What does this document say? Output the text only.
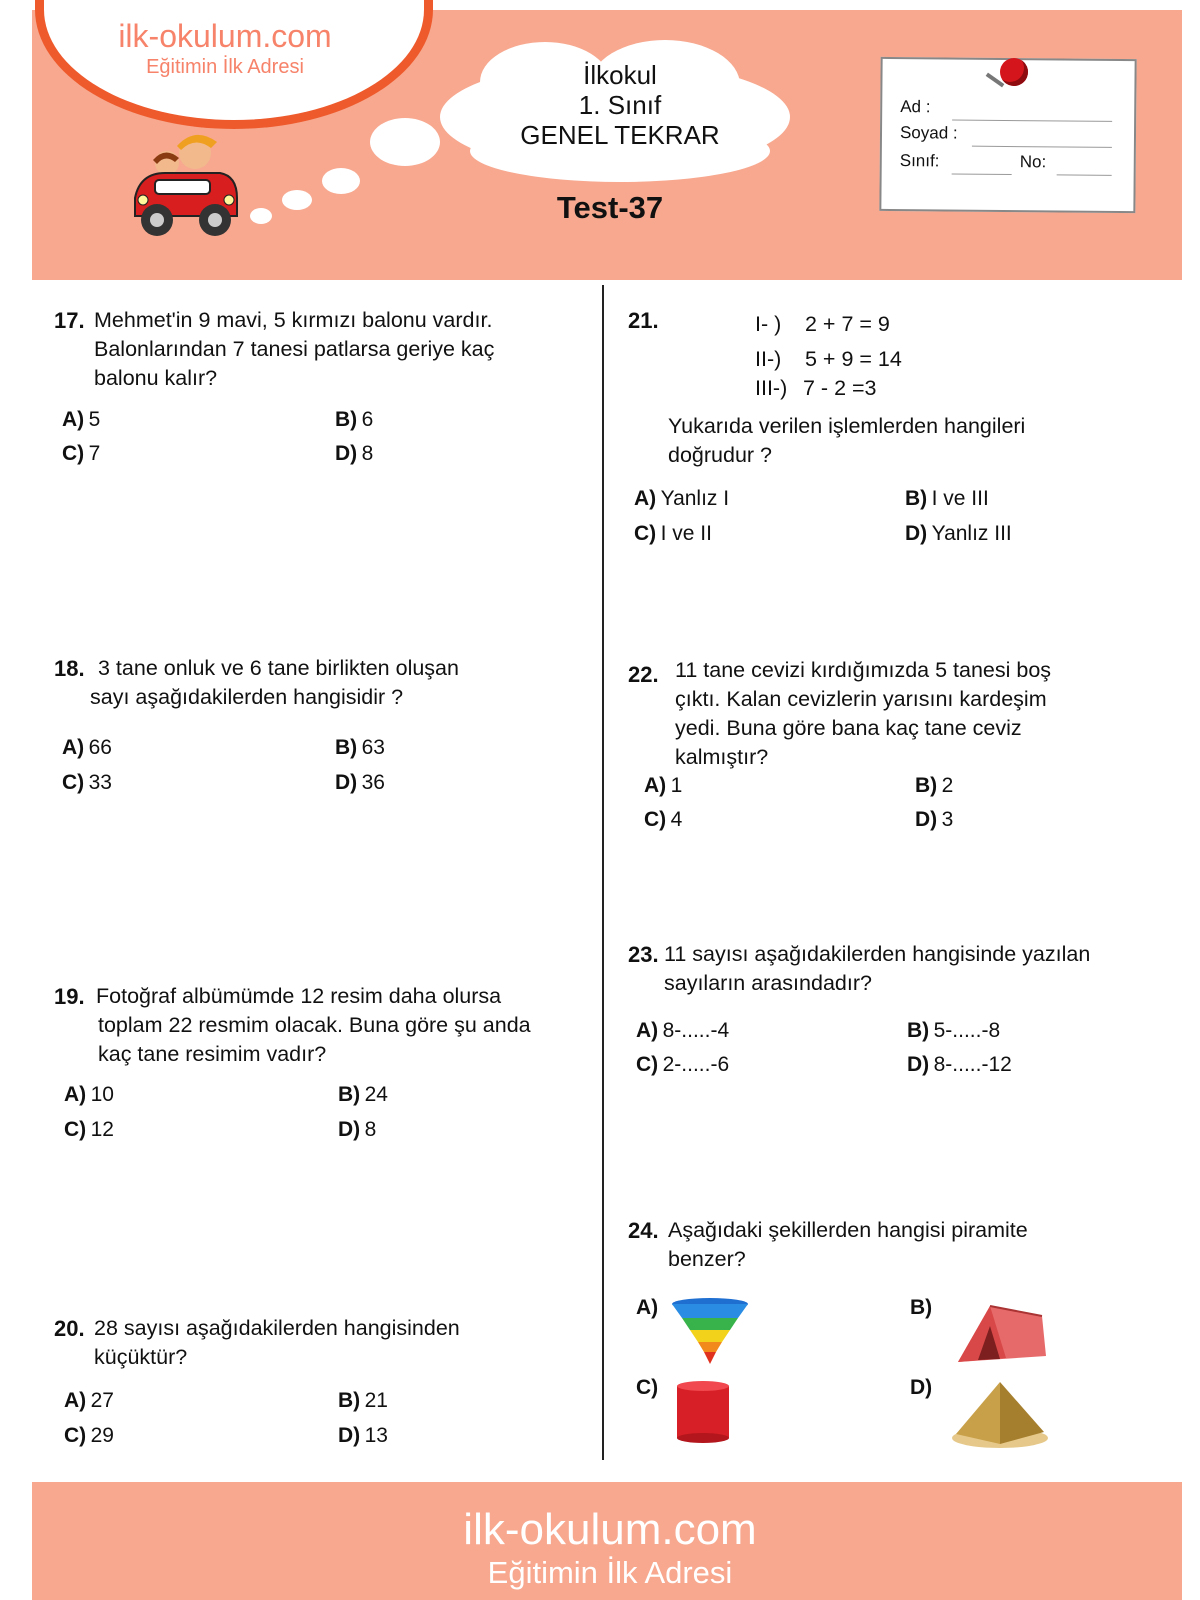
ilk-okulum.com
Eğitimin İlk Adresi	İlkokul
1. Sınıf
GENEL TEKRAR
Test-37
Ad :
Soyad :
Sınıf:	No:
17. Mehmet'in 9 mavi, 5 kırmızı balonu vardır.
Balonlarından 7 tanesi patlarsa geriye kaç
balonu kalır?
A) 5	B) 6
C) 7	D) 8
18. 3 tane onluk ve 6 tane birlikten oluşan
sayı aşağıdakilerden hangisidir ?
A) 66	B) 63
C) 33	D) 36
19. Fotoğraf albümümde 12 resim daha olursa
toplam 22 resmim olacak. Buna göre şu anda
kaç tane resimim vadır?
A) 10	B) 24
C) 12	D) 8
20. 28 sayısı aşağıdakilerden hangisinden
küçüktür?
A) 27	B) 21
C) 29	D) 13
21.	I- ) 2 + 7 = 9
II-) 5 + 9 = 14
III-) 7 - 2 =3
Yukarıda verilen işlemlerden hangileri
doğrudur ?
A) Yanlız I	B) I ve III
C) I ve II	D) Yanlız III
22. 11 tane cevizi kırdığımızda 5 tanesi boş
çıktı. Kalan cevizlerin yarısını kardeşim
yedi. Buna göre bana kaç tane ceviz
kalmıştır?
A) 1	B) 2
C) 4	D) 3
23. 11 sayısı aşağıdakilerden hangisinde yazılan
sayıların arasındadır?
A) 8-.....-4	B) 5-.....-8
C) 2-.....-6	D) 8-.....-12
24. Aşağıdaki şekillerden hangisi piramite
benzer?
A)	B)
C)	D)
ilk-okulum.com
Eğitimin İlk Adresi
